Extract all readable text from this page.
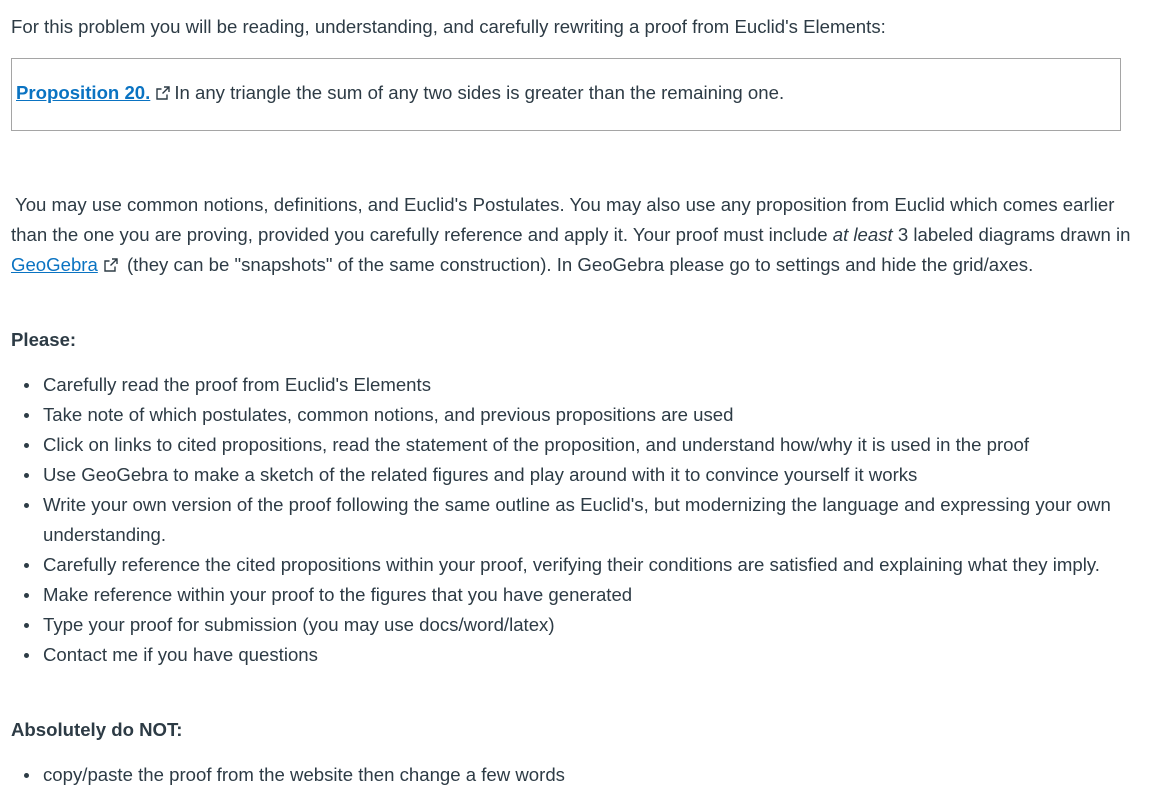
For this problem you will be reading, understanding, and carefully rewriting a proof from Euclid's Elements:

Proposition 20. In any triangle the sum of any two sides is greater than the remaining one.

You may use common notions, definitions, and Euclid's Postulates. You may also use any proposition from Euclid which comes earlier than the one you are proving, provided you carefully reference and apply it. Your proof must include at least 3 labeled diagrams drawn in GeoGebra (they can be "snapshots" of the same construction). In GeoGebra please go to settings and hide the grid/axes.

Please:
Carefully read the proof from Euclid's Elements
Take note of which postulates, common notions, and previous propositions are used
Click on links to cited propositions, read the statement of the proposition, and understand how/why it is used in the proof
Use GeoGebra to make a sketch of the related figures and play around with it to convince yourself it works
Write your own version of the proof following the same outline as Euclid's, but modernizing the language and expressing your own understanding.
Carefully reference the cited propositions within your proof, verifying their conditions are satisfied and explaining what they imply.
Make reference within your proof to the figures that you have generated
Type your proof for submission (you may use docs/word/latex)
Contact me if you have questions
Absolutely do NOT:
copy/paste the proof from the website then change a few words
